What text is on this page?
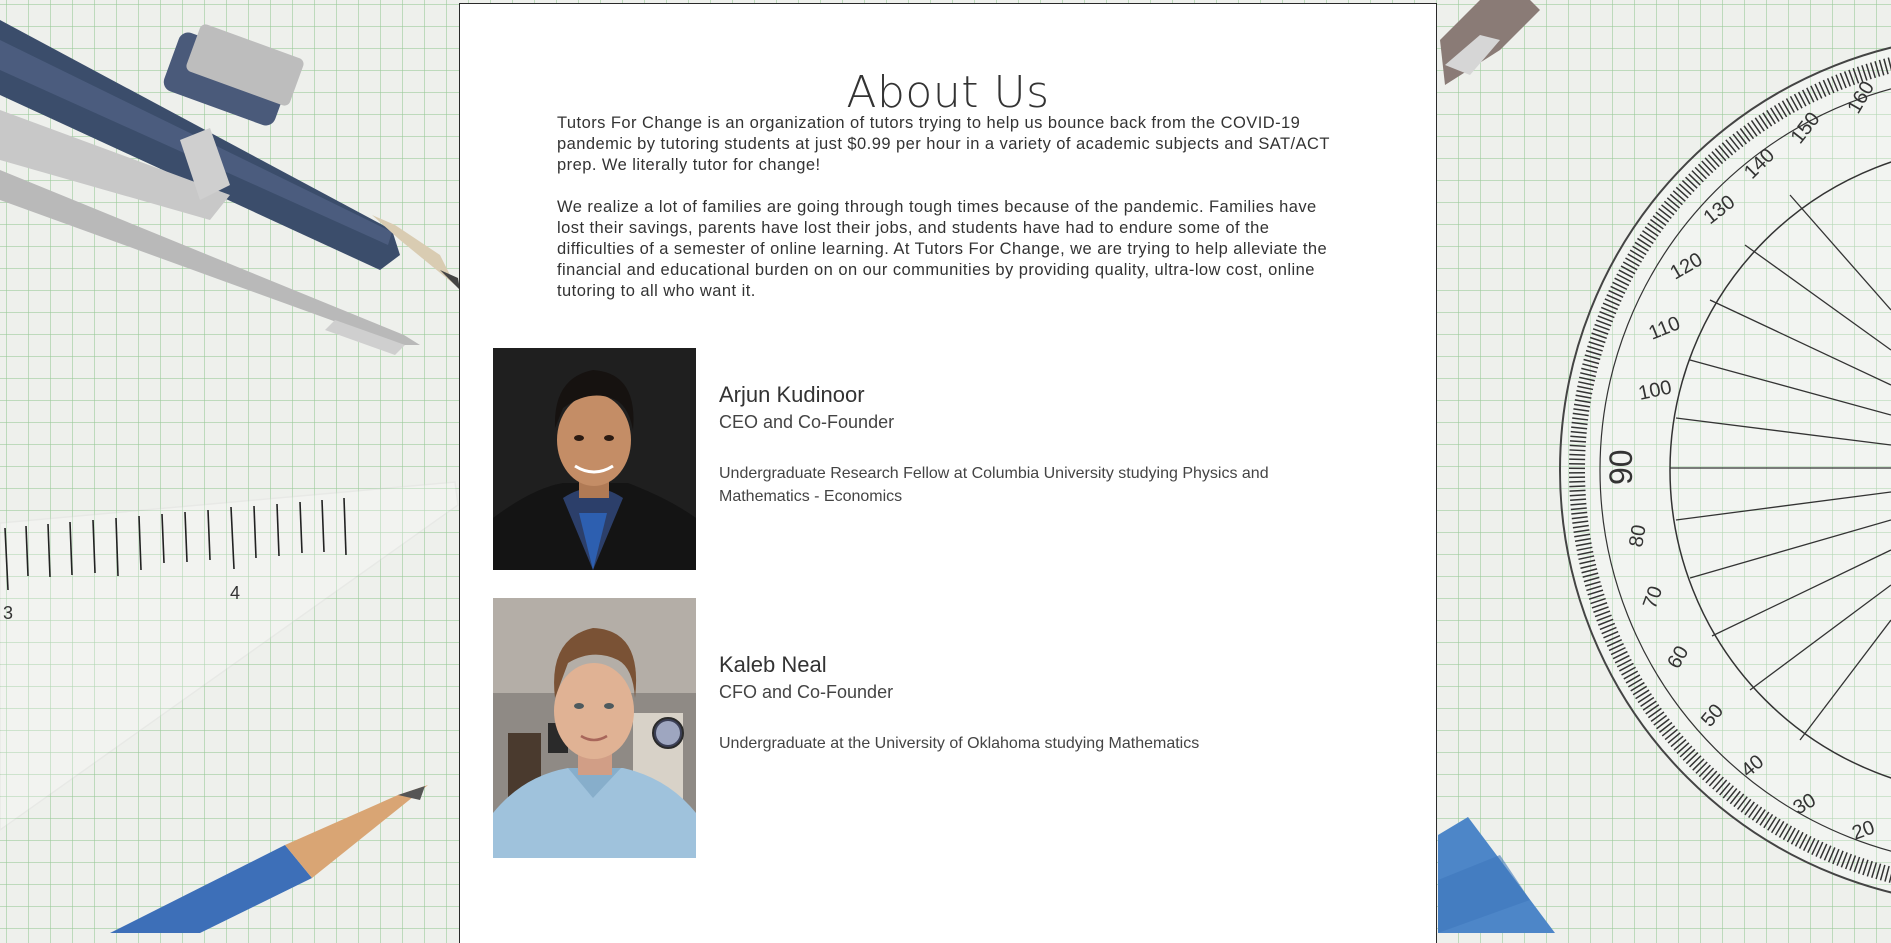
3
4
160
150
140
130
120
110
100
90
80
70
60
50
40
30
20
About Us

Tutors For Change is an organization of tutors trying to help us bounce back from the COVID-19 pandemic by tutoring students at just $0.99 per hour in a variety of academic subjects and SAT/ACT prep. We literally tutor for change!

We realize a lot of families are going through tough times because of the pandemic. Families have lost their savings, parents have lost their jobs, and students have had to endure some of the difficulties of a semester of online learning. At Tutors For Change, we are trying to help alleviate the financial and educational burden on on our communities by providing quality, ultra-low cost, online tutoring to all who want it.

Arjun Kudinoor
CEO and Co-Founder

Undergraduate Research Fellow at Columbia University studying Physics and Mathematics - Economics

Kaleb Neal
CFO and Co-Founder

Undergraduate at the University of Oklahoma studying Mathematics
